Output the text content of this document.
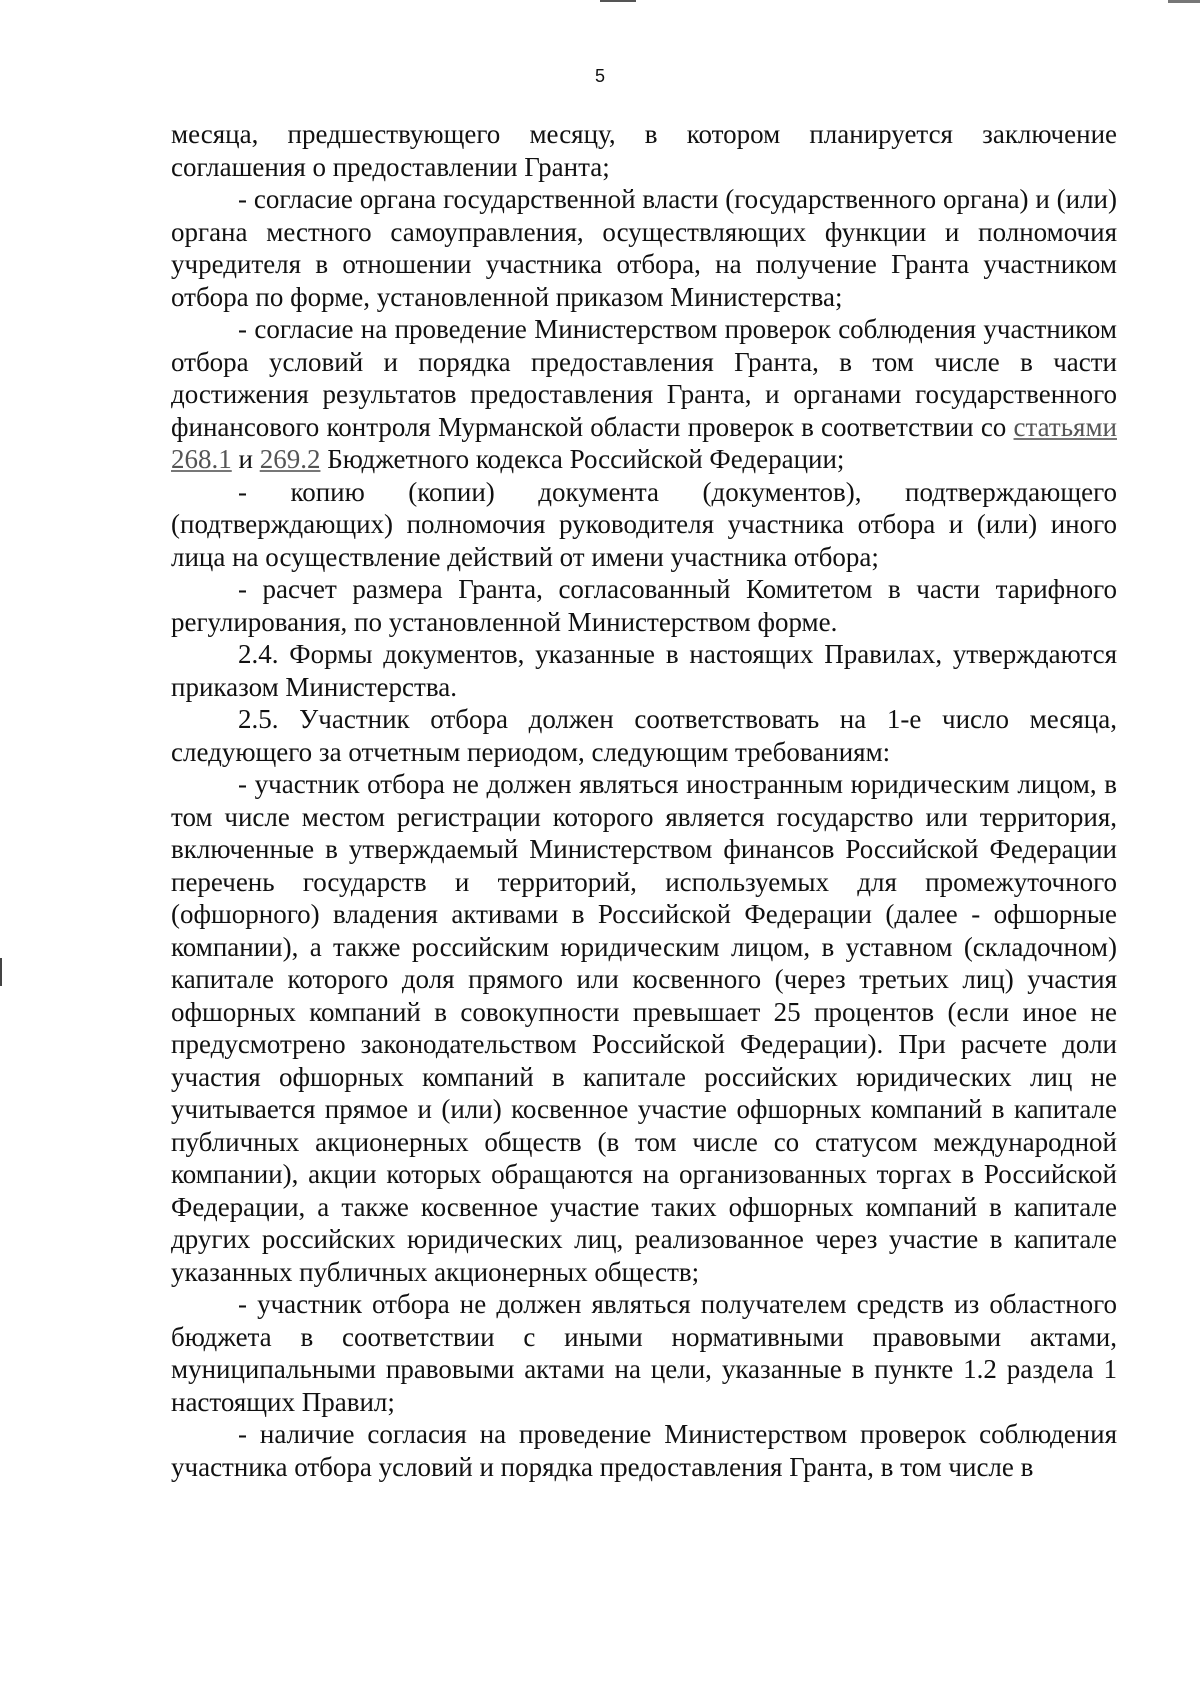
5

месяца, предшествующего месяцу, в котором планируется заключение соглашения о предоставлении Гранта;

- согласие органа государственной власти (государственного органа) и (или) органа местного самоуправления, осуществляющих функции и полномочия учредителя в отношении участника отбора, на получение Гранта участником отбора по форме, установленной приказом Министерства;

- согласие на проведение Министерством проверок соблюдения участником отбора условий и порядка предоставления Гранта, в том числе в части достижения результатов предоставления Гранта, и органами государственного финансового контроля Мурманской области проверок в соответствии со статьями 268.1 и 269.2 Бюджетного кодекса Российской Федерации;

- копию (копии) документа (документов), подтверждающего (подтверждающих) полномочия руководителя участника отбора и (или) иного лица на осуществление действий от имени участника отбора;

- расчет размера Гранта, согласованный Комитетом в части тарифного регулирования, по установленной Министерством форме.

2.4. Формы документов, указанные в настоящих Правилах, утверждаются приказом Министерства.

2.5. Участник отбора должен соответствовать на 1-е число месяца, следующего за отчетным периодом, следующим требованиям:

- участник отбора не должен являться иностранным юридическим лицом, в том числе местом регистрации которого является государство или территория, включенные в утверждаемый Министерством финансов Российской Федерации перечень государств и территорий, используемых для промежуточного (офшорного) владения активами в Российской Федерации (далее - офшорные компании), а также российским юридическим лицом, в уставном (складочном) капитале которого доля прямого или косвенного (через третьих лиц) участия офшорных компаний в совокупности превышает 25 процентов (если иное не предусмотрено законодательством Российской Федерации). При расчете доли участия офшорных компаний в капитале российских юридических лиц не учитывается прямое и (или) косвенное участие офшорных компаний в капитале публичных акционерных обществ (в том числе со статусом международной компании), акции которых обращаются на организованных торгах в Российской Федерации, а также косвенное участие таких офшорных компаний в капитале других российских юридических лиц, реализованное через участие в капитале указанных публичных акционерных обществ;

- участник отбора не должен являться получателем средств из областного бюджета в соответствии с иными нормативными правовыми актами, муниципальными правовыми актами на цели, указанные в пункте 1.2 раздела 1 настоящих Правил;

- наличие согласия на проведение Министерством проверок соблюдения участника отбора условий и порядка предоставления Гранта, в том числе в
